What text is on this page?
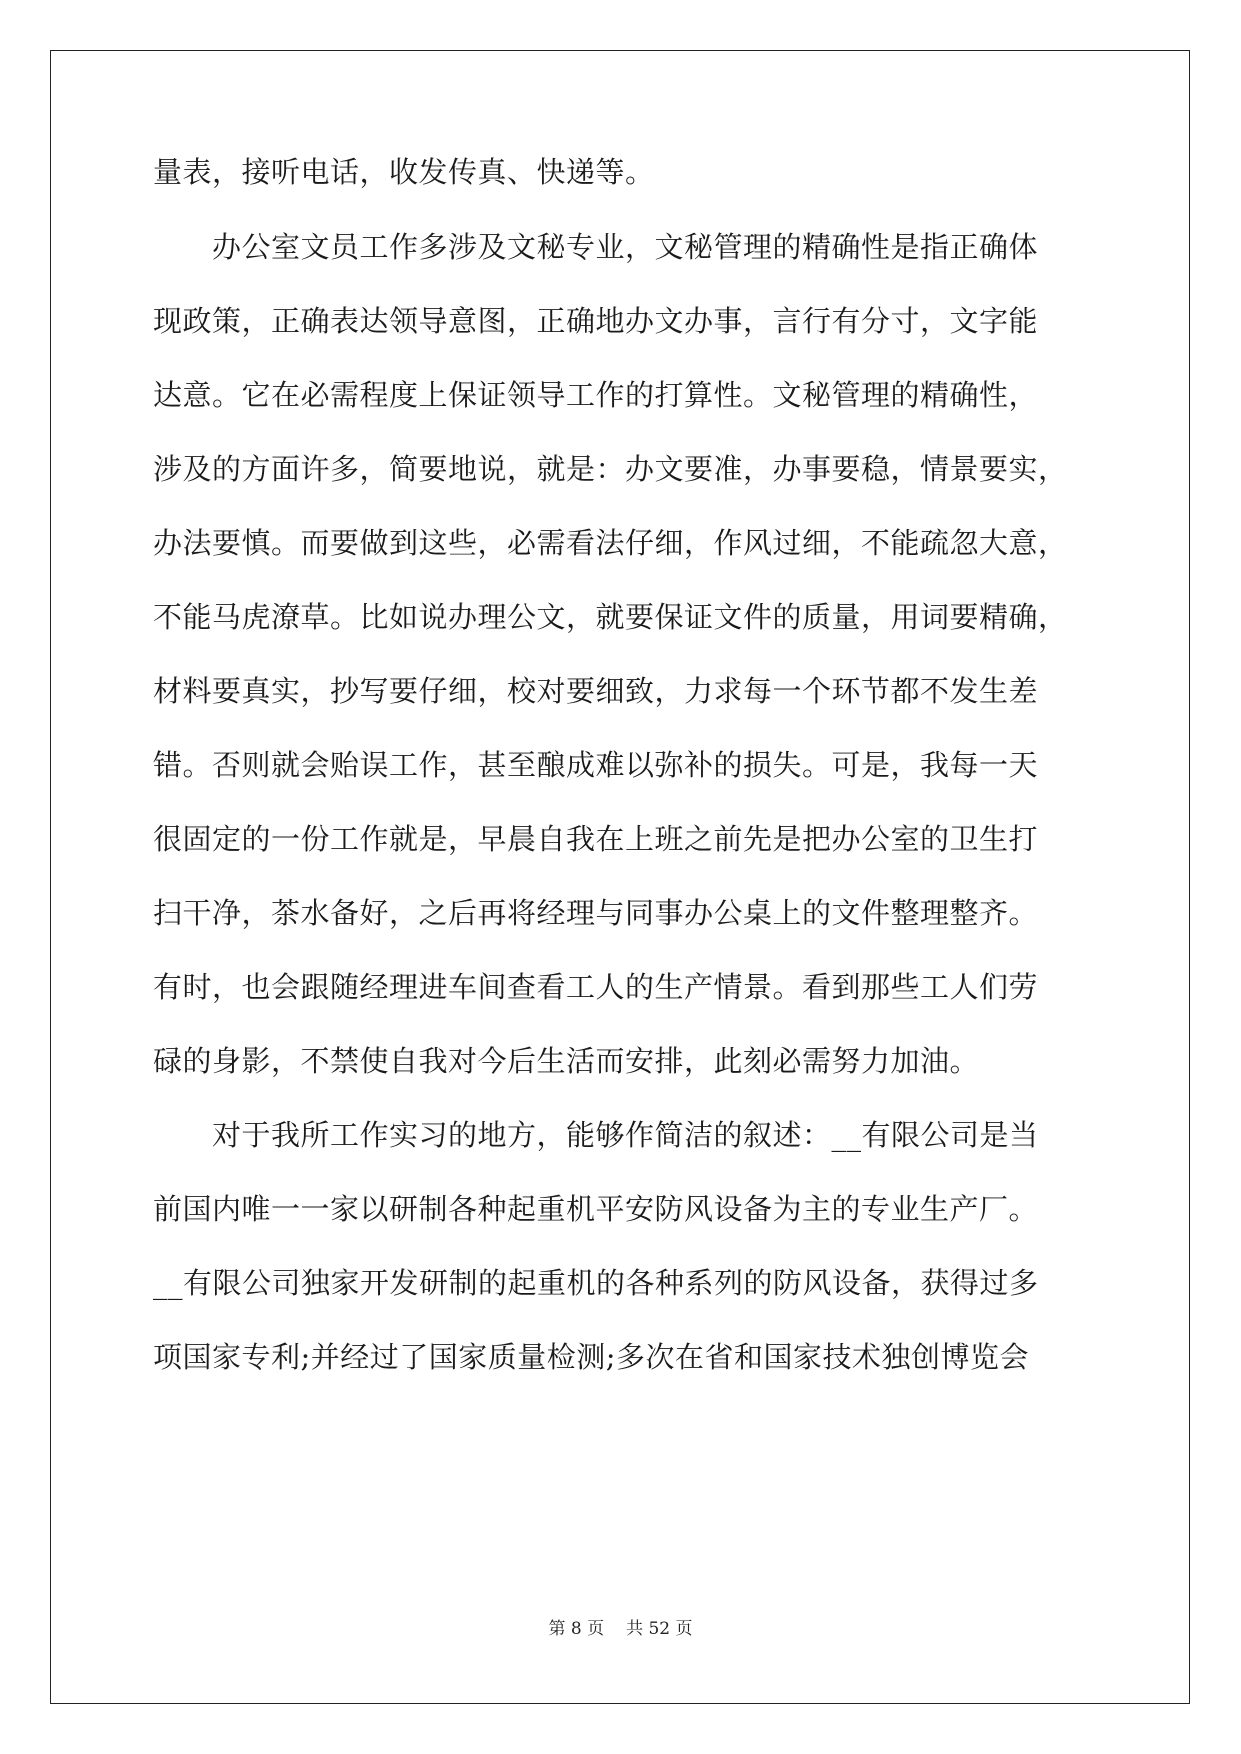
量表，接听电话，收发传真、快递等。
办公室文员工作多涉及文秘专业，文秘管理的精确性是指正确体
现政策，正确表达领导意图，正确地办文办事，言行有分寸，文字能
达意。它在必需程度上保证领导工作的打算性。文秘管理的精确性，
涉及的方面许多，简要地说，就是：办文要准，办事要稳，情景要实，
办法要慎。而要做到这些，必需看法仔细，作风过细，不能疏忽大意，
不能马虎潦草。比如说办理公文，就要保证文件的质量，用词要精确，
材料要真实，抄写要仔细，校对要细致，力求每一个环节都不发生差
错。否则就会贻误工作，甚至酿成难以弥补的损失。可是，我每一天
很固定的一份工作就是，早晨自我在上班之前先是把办公室的卫生打
扫干净，茶水备好，之后再将经理与同事办公桌上的文件整理整齐。
有时，也会跟随经理进车间查看工人的生产情景。看到那些工人们劳
碌的身影，不禁使自我对今后生活而安排，此刻必需努力加油。
对于我所工作实习的地方，能够作简洁的叙述：__有限公司是当
前国内唯一一家以研制各种起重机平安防风设备为主的专业生产厂。
__有限公司独家开发研制的起重机的各种系列的防风设备，获得过多
项国家专利;并经过了国家质量检测;多次在省和国家技术独创博览会
第 8 页 共 52 页
